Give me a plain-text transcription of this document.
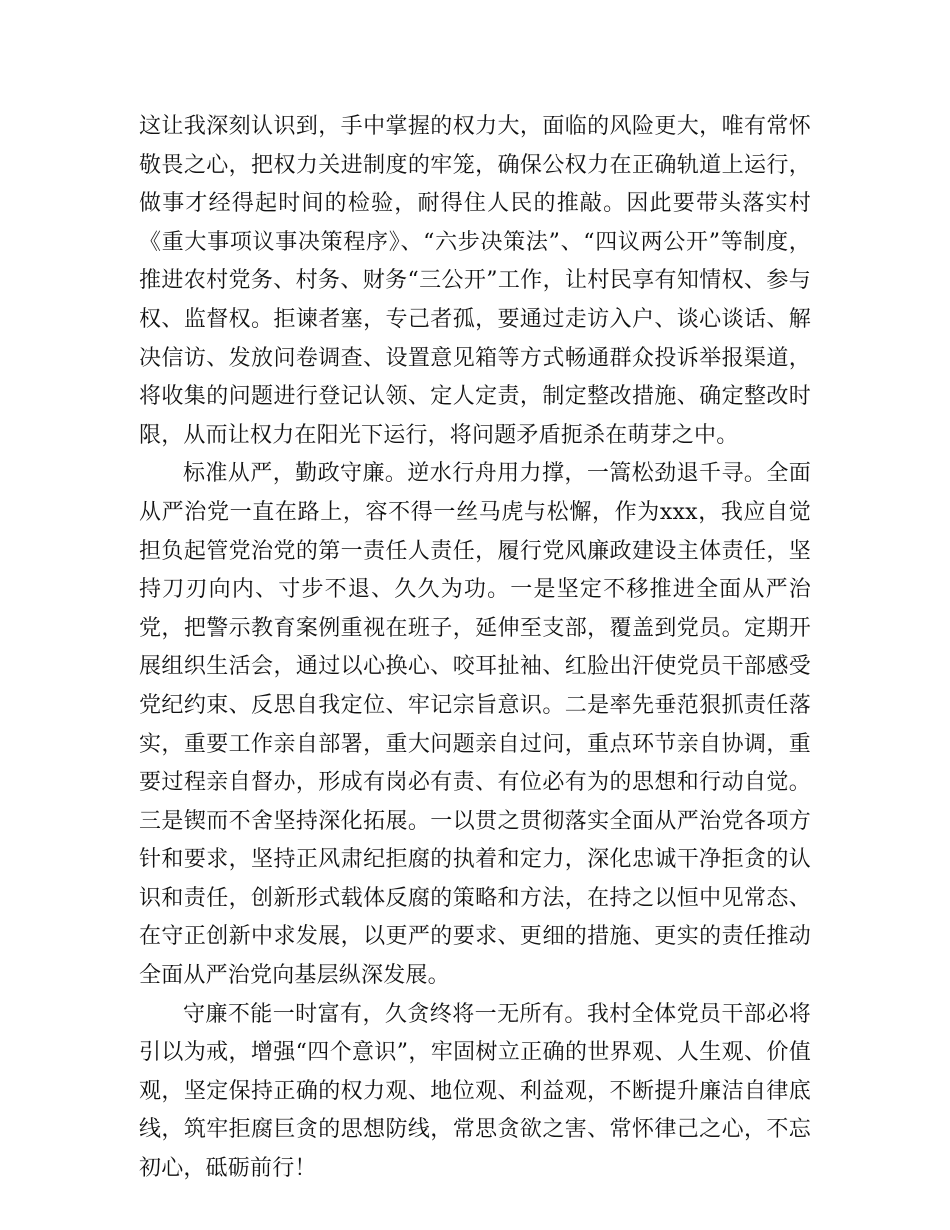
这让我深刻认识到，手中掌握的权力大，面临的风险更大，唯有常怀敬畏之心，把权力关进制度的牢笼，确保公权力在正确轨道上运行，做事才经得起时间的检验，耐得住人民的推敲。因此要带头落实村《重大事项议事决策程序》、“六步决策法”、“四议两公开”等制度，推进农村党务、村务、财务“三公开”工作，让村民享有知情权、参与权、监督权。拒谏者塞，专己者孤，要通过走访入户、谈心谈话、解决信访、发放问卷调查、设置意见箱等方式畅通群众投诉举报渠道，将收集的问题进行登记认领、定人定责，制定整改措施、确定整改时限，从而让权力在阳光下运行，将问题矛盾扼杀在萌芽之中。

标准从严，勤政守廉。逆水行舟用力撑，一篙松劲退千寻。全面从严治党一直在路上，容不得一丝马虎与松懈，作为xxx，我应自觉担负起管党治党的第一责任人责任，履行党风廉政建设主体责任，坚持刀刃向内、寸步不退、久久为功。一是坚定不移推进全面从严治党，把警示教育案例重视在班子，延伸至支部，覆盖到党员。定期开展组织生活会，通过以心换心、咬耳扯袖、红脸出汗使党员干部感受党纪约束、反思自我定位、牢记宗旨意识。二是率先垂范狠抓责任落实，重要工作亲自部署，重大问题亲自过问，重点环节亲自协调，重要过程亲自督办，形成有岗必有责、有位必有为的思想和行动自觉。三是锲而不舍坚持深化拓展。一以贯之贯彻落实全面从严治党各项方针和要求，坚持正风肃纪拒腐的执着和定力，深化忠诚干净拒贪的认识和责任，创新形式载体反腐的策略和方法，在持之以恒中见常态、在守正创新中求发展，以更严的要求、更细的措施、更实的责任推动全面从严治党向基层纵深发展。

守廉不能一时富有，久贪终将一无所有。我村全体党员干部必将引以为戒，增强“四个意识”，牢固树立正确的世界观、人生观、价值观，坚定保持正确的权力观、地位观、利益观，不断提升廉洁自律底线，筑牢拒腐巨贪的思想防线，常思贪欲之害、常怀律己之心，不忘初心，砥砺前行！
